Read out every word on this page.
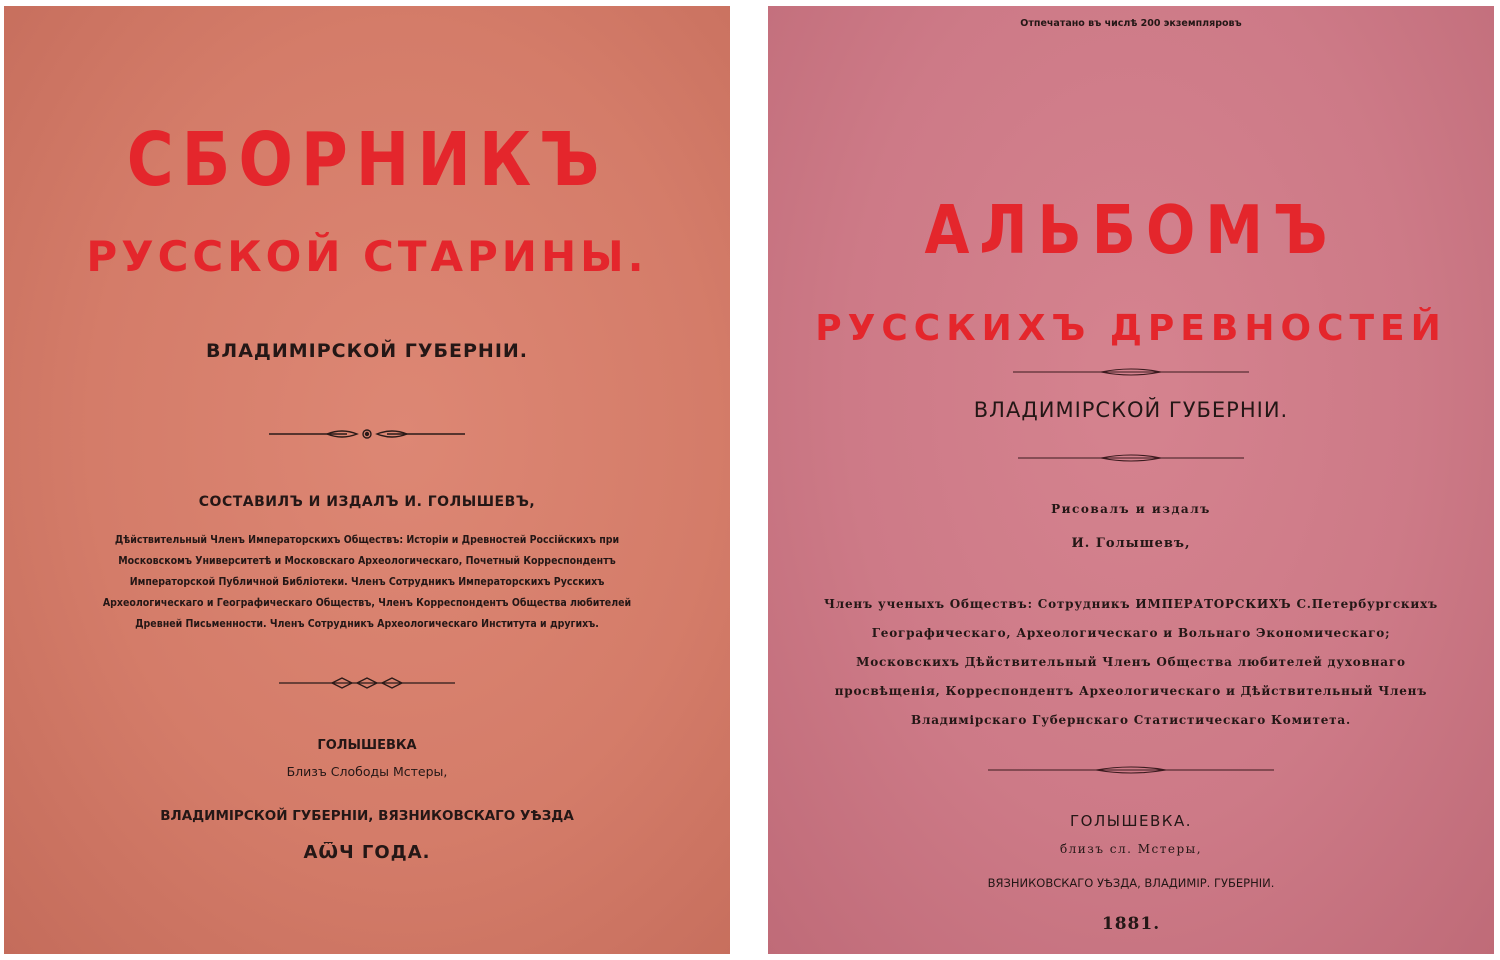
СБОРНИКЪ
РУССКОЙ СТАРИНЫ.
ВЛАДИМІРСКОЙ ГУБЕРНІИ.
СОСТАВИЛЪ И ИЗДАЛЪ И. ГОЛЫШЕВЪ,
Дѣйствительный Членъ Императорскихъ Обществъ: Исторіи и Древностей Россійскихъ при Московскомъ Университетѣ и Московскаго Археологическаго, Почетный Корреспондентъ Императорской Публичной Библіотеки. Членъ Сотрудникъ Императорскихъ Русскихъ Археологическаго и Географическаго Обществъ, Членъ Корреспондентъ Общества любителей Древней Письменности. Членъ Сотрудникъ Археологическаго Института и другихъ.
ГОЛЫШЕВКА
Близъ Слободы Мстеры,
ВЛАДИМІРСКОЙ ГУБЕРНІИ, ВЯЗНИКОВСКАГО УѢЗДА
АѾЧ ГОДА.
Отпечатано въ числѣ 200 экземпляровъ
АЛЬБОМЪ
РУССКИХЪ ДРЕВНОСТЕЙ
ВЛАДИМІРСКОЙ ГУБЕРНІИ.
Рисовалъ и издалъ
И. Голышевъ,
Членъ ученыхъ Обществъ: Сотрудникъ ИМПЕРАТОРСКИХЪ С.Петербургскихъ Географическаго, Археологическаго и Вольнаго Экономическаго; Московскихъ Дѣйствительный Членъ Общества любителей духовнаго просвѣщенія, Корреспондентъ Археологическаго и Дѣйствительный Членъ Владимірскаго Губернскаго Статистическаго Комитета.
ГОЛЫШЕВКА.
близъ сл. Мстеры,
ВЯЗНИКОВСКАГО УѢЗДА, ВЛАДИМІР. ГУБЕРНІИ.
1881.
